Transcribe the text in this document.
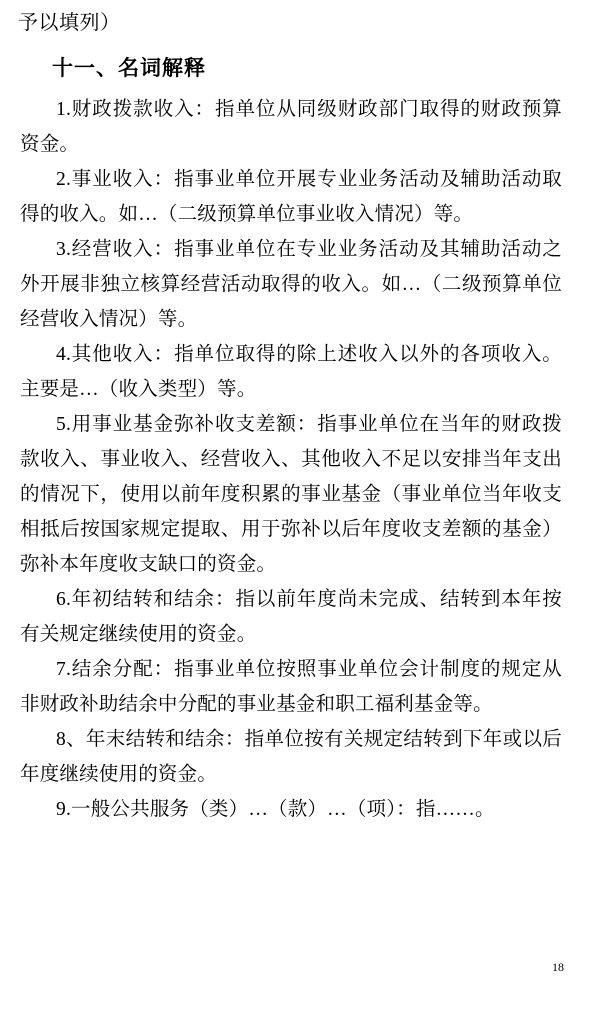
予以填列）

十一、名词解释

1.财政拨款收入：指单位从同级财政部门取得的财政预算资金。

2.事业收入：指事业单位开展专业业务活动及辅助活动取得的收入。如…（二级预算单位事业收入情况）等。

3.经营收入：指事业单位在专业业务活动及其辅助活动之外开展非独立核算经营活动取得的收入。如…（二级预算单位经营收入情况）等。

4.其他收入：指单位取得的除上述收入以外的各项收入。主要是…（收入类型）等。

5.用事业基金弥补收支差额：指事业单位在当年的财政拨款收入、事业收入、经营收入、其他收入不足以安排当年支出的情况下，使用以前年度积累的事业基金（事业单位当年收支相抵后按国家规定提取、用于弥补以后年度收支差额的基金）弥补本年度收支缺口的资金。

6.年初结转和结余：指以前年度尚未完成、结转到本年按有关规定继续使用的资金。

7.结余分配：指事业单位按照事业单位会计制度的规定从非财政补助结余中分配的事业基金和职工福利基金等。

8、年末结转和结余：指单位按有关规定结转到下年或以后年度继续使用的资金。

9.一般公共服务（类）…（款）…（项）：指……。

18
